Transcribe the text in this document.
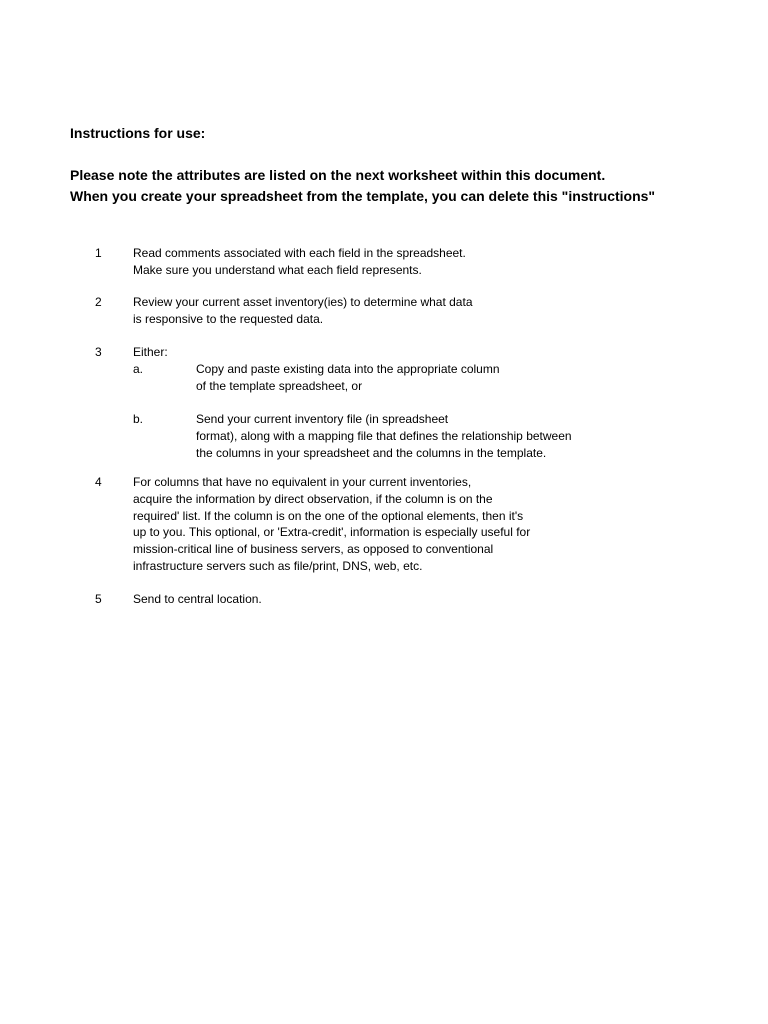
Instructions for use:
Please note the attributes are listed on the next worksheet within this document.
When you create your spreadsheet from the template, you can delete this "instructions"
1	Read comments associated with each field in the spreadsheet.
Make sure you understand what each field represents.
2	Review your current asset inventory(ies) to determine what data
is responsive to the requested data.
3	Either:
a.	Copy and paste existing data into the appropriate column
of the template spreadsheet, or
b.	Send your current inventory file (in spreadsheet
format), along with a mapping file that defines the relationship between
the columns in your spreadsheet and the columns in the template.
4	For columns that have no equivalent in your current inventories,
acquire the information by direct observation, if the column is on the
required' list. If the column is on the one of the optional elements, then it's
up to you. This optional, or 'Extra-credit', information is especially useful for
mission-critical line of business servers, as opposed to conventional
infrastructure servers such as file/print, DNS, web, etc.
5	Send to central location.
